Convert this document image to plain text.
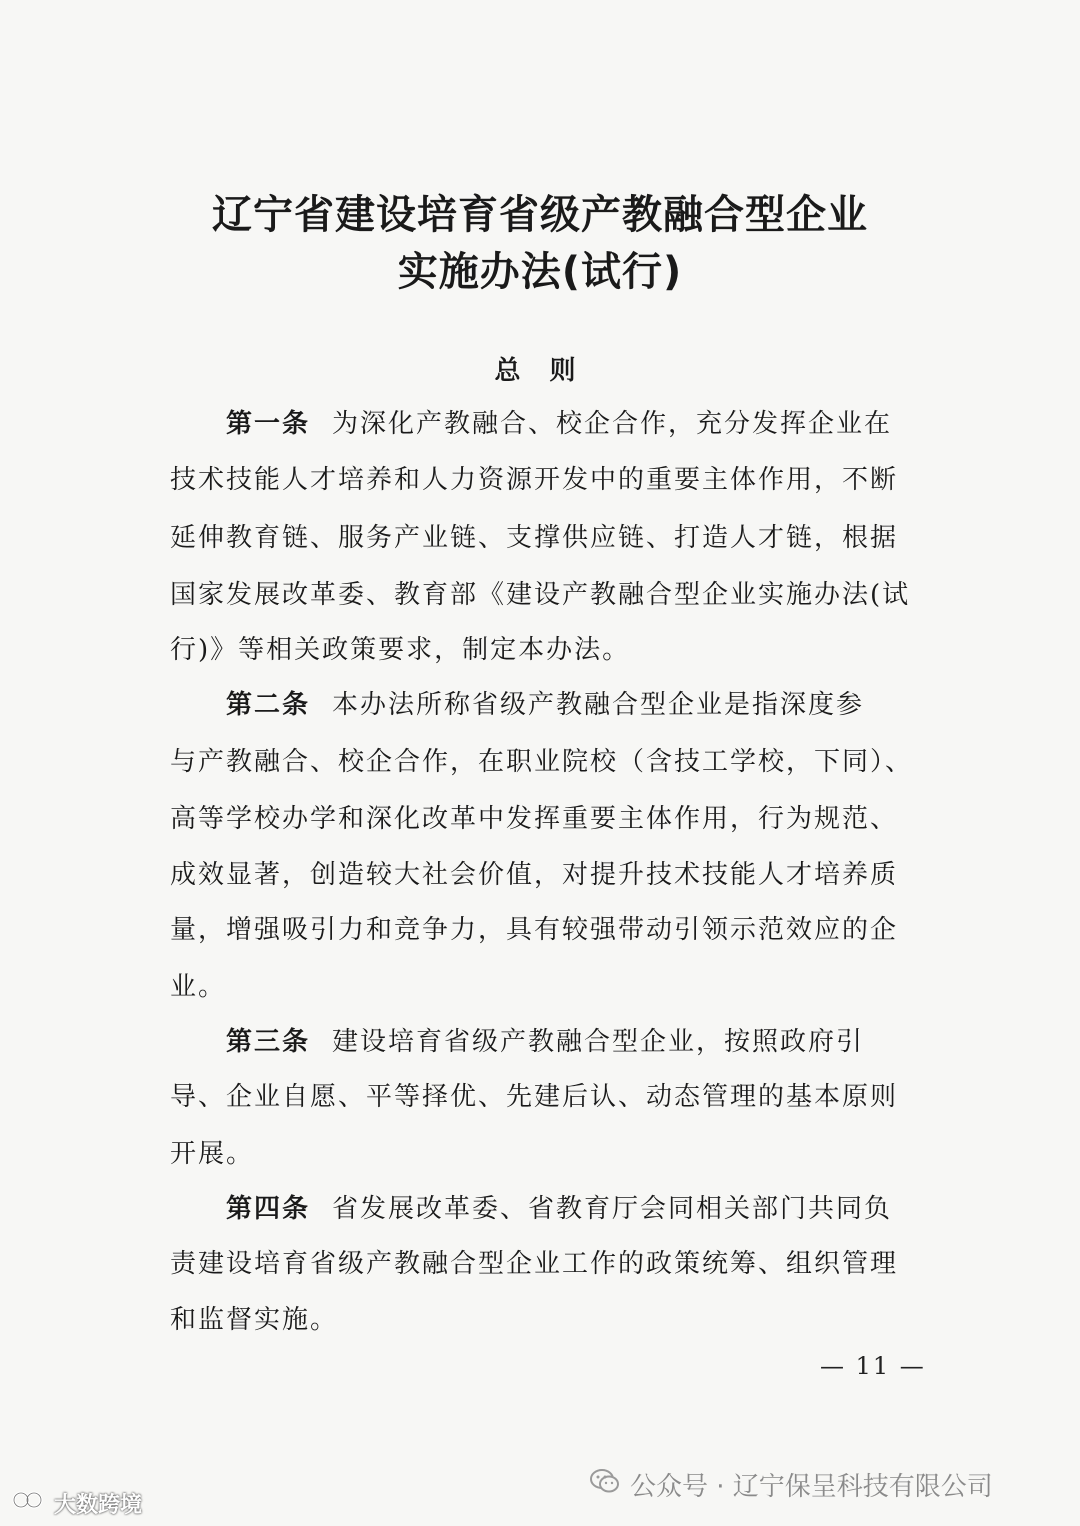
辽宁省建设培育省级产教融合型企业
实施办法(试行)
总 则
第一条 为深化产教融合、校企合作，充分发挥企业在
技术技能人才培养和人力资源开发中的重要主体作用，不断
延伸教育链、服务产业链、支撑供应链、打造人才链，根据
国家发展改革委、教育部《建设产教融合型企业实施办法(试
行)》等相关政策要求，制定本办法。
第二条 本办法所称省级产教融合型企业是指深度参
与产教融合、校企合作，在职业院校（含技工学校，下同）、
高等学校办学和深化改革中发挥重要主体作用，行为规范、
成效显著，创造较大社会价值，对提升技术技能人才培养质
量，增强吸引力和竞争力，具有较强带动引领示范效应的企
业。
第三条 建设培育省级产教融合型企业，按照政府引
导、企业自愿、平等择优、先建后认、动态管理的基本原则
开展。
第四条 省发展改革委、省教育厅会同相关部门共同负
责建设培育省级产教融合型企业工作的政策统筹、组织管理
和监督实施。
— 11 —
公众号 · 辽宁保呈科技有限公司
大数跨境
